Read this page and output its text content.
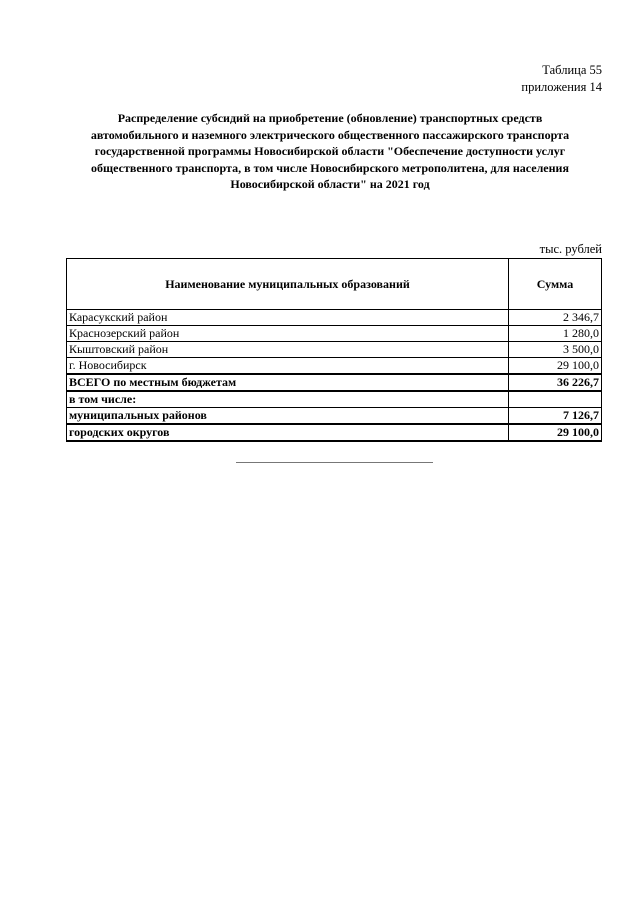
Таблица 55
приложения 14
Распределение субсидий на приобретение (обновление) транспортных средств
автомобильного и наземного электрического общественного пассажирского транспорта
государственной программы Новосибирской области "Обеспечение доступности услуг
общественного транспорта, в том числе Новосибирского метрополитена, для населения
Новосибирской области" на 2021 год
тыс. рублей
Наименование муниципальных образований	Сумма
Карасукский район	2 346,7
Краснозерский район	1 280,0
Кыштовский район	3 500,0
г. Новосибирск	29 100,0
ВСЕГО по местным бюджетам	36 226,7
в том числе:	
муниципальных районов	7 126,7
городских округов	29 100,0
